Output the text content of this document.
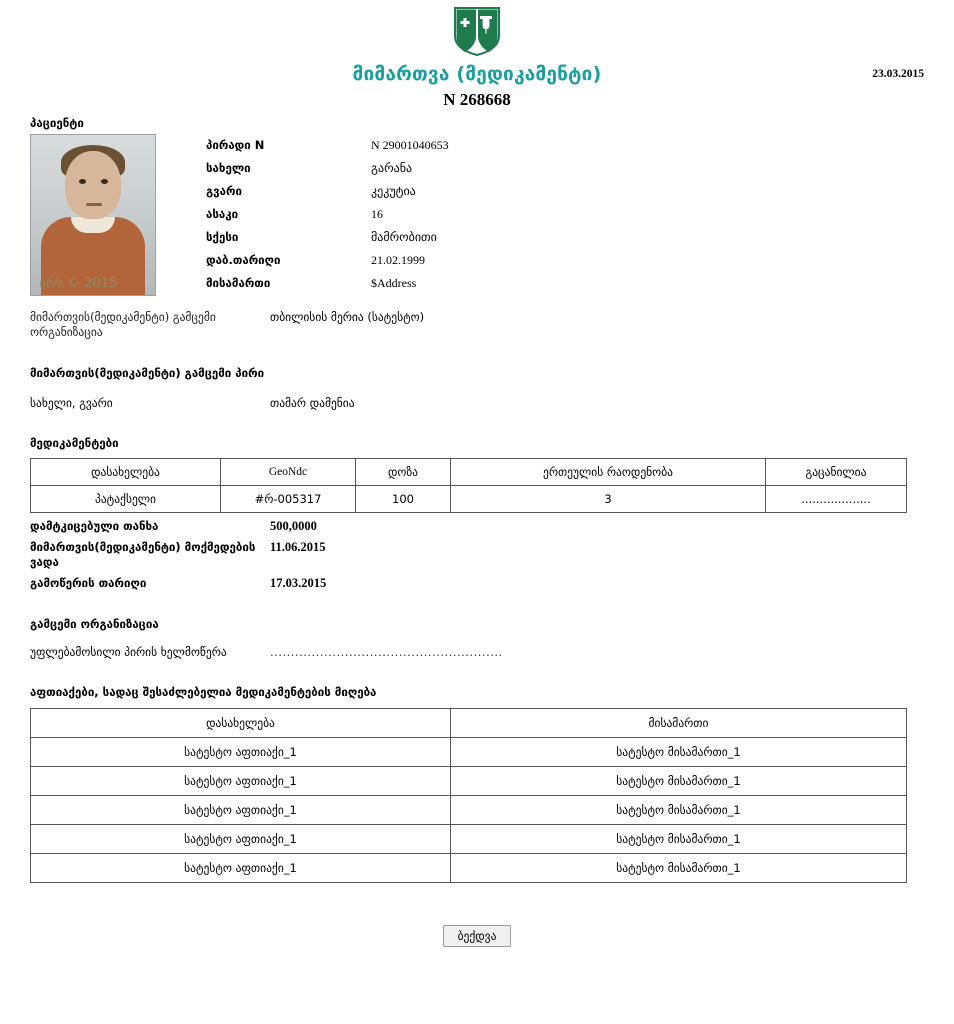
მიმართვა (მედიკამენტი)
N 268668
23.03.2015
პაციენტი
ირს © 2015
პირადი N	N 29001040653
სახელი	გარანა
გვარი	კეკუტია
ასაკი	16
სქესი	მამრობითი
დაბ.თარიღი	21.02.1999
მისამართი	$Address
მიმართვის(მედიკამენტი) გამცემი ორგანიზაცია
თბილისის მერია (სატესტო)
მიმართვის(მედიკამენტი) გამცემი პირი
სახელი, გვარი	თამარ დამენია
მედიკამენტები
დასახელება	GeoNdc	დოზა	ერთეულის რაოდენობა	გაცანილია
პატაქსელი	#რ-005317	100	3	...................
დამტკიცებული თანხა	500,0000
მიმართვის(მედიკამენტი) მოქმედების ვადა
11.06.2015
გამოწერის თარიღი	17.03.2015
გამცემი ორგანიზაცია
უფლებამოსილი პირის ხელმოწერა	........................................................
აფთიაქები, სადაც შესაძლებელია მედიკამენტების მიღება
დასახელება	მისამართი
სატესტო აფთიაქი_1	სატესტო მისამართი_1
სატესტო აფთიაქი_1	სატესტო მისამართი_1
სატესტო აფთიაქი_1	სატესტო მისამართი_1
სატესტო აფთიაქი_1	სატესტო მისამართი_1
სატესტო აფთიაქი_1	სატესტო მისამართი_1
ბექდვა
